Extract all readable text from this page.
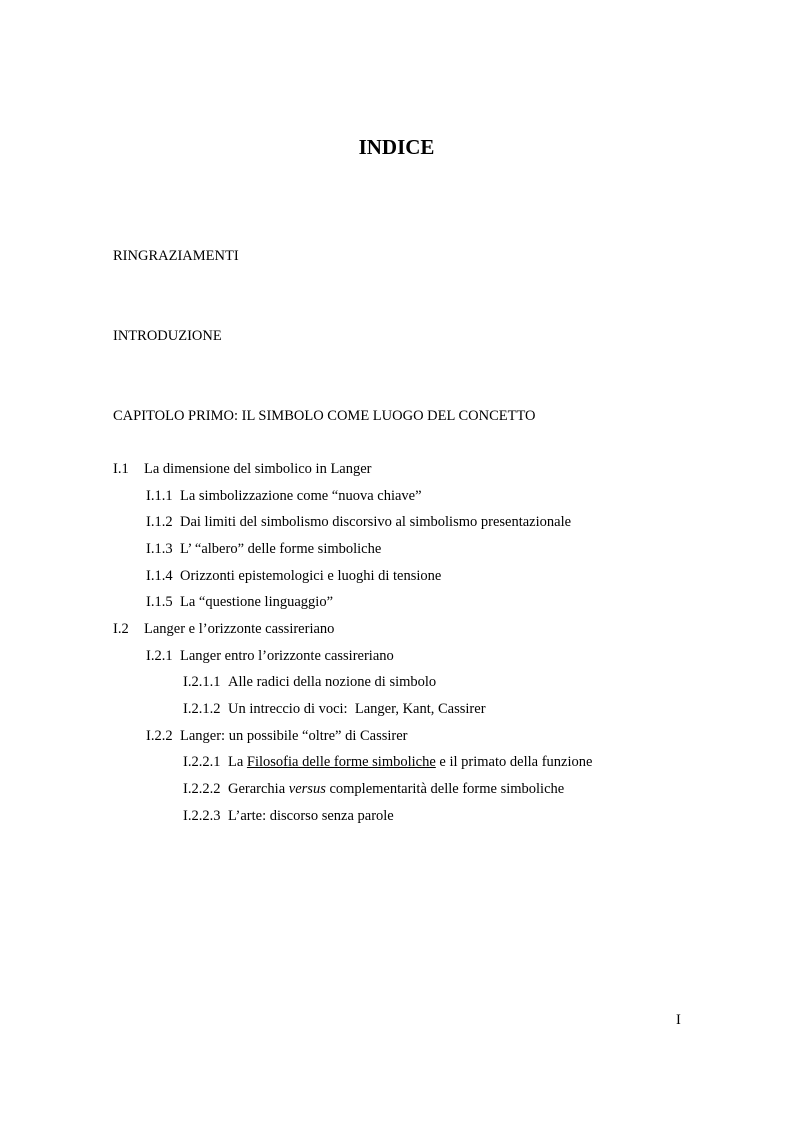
INDICE
RINGRAZIAMENTI
INTRODUZIONE
CAPITOLO PRIMO: IL SIMBOLO COME LUOGO DEL CONCETTO
I.1 La dimensione del simbolico in Langer
I.1.1 La simbolizzazione come “nuova chiave”
I.1.2 Dai limiti del simbolismo discorsivo al simbolismo presentazionale
I.1.3 L’ “albero” delle forme simboliche
I.1.4 Orizzonti epistemologici e luoghi di tensione
I.1.5 La “questione linguaggio”
I.2 Langer e l’orizzonte cassireriano
I.2.1 Langer entro l’orizzonte cassireriano
I.2.1.1 Alle radici della nozione di simbolo
I.2.1.2 Un intreccio di voci:  Langer, Kant, Cassirer
I.2.2 Langer: un possibile “oltre” di Cassirer
I.2.2.1 La Filosofia delle forme simboliche e il primato della funzione
I.2.2.2 Gerarchia versus complementarità delle forme simboliche
I.2.2.3 L’arte: discorso senza parole
I
